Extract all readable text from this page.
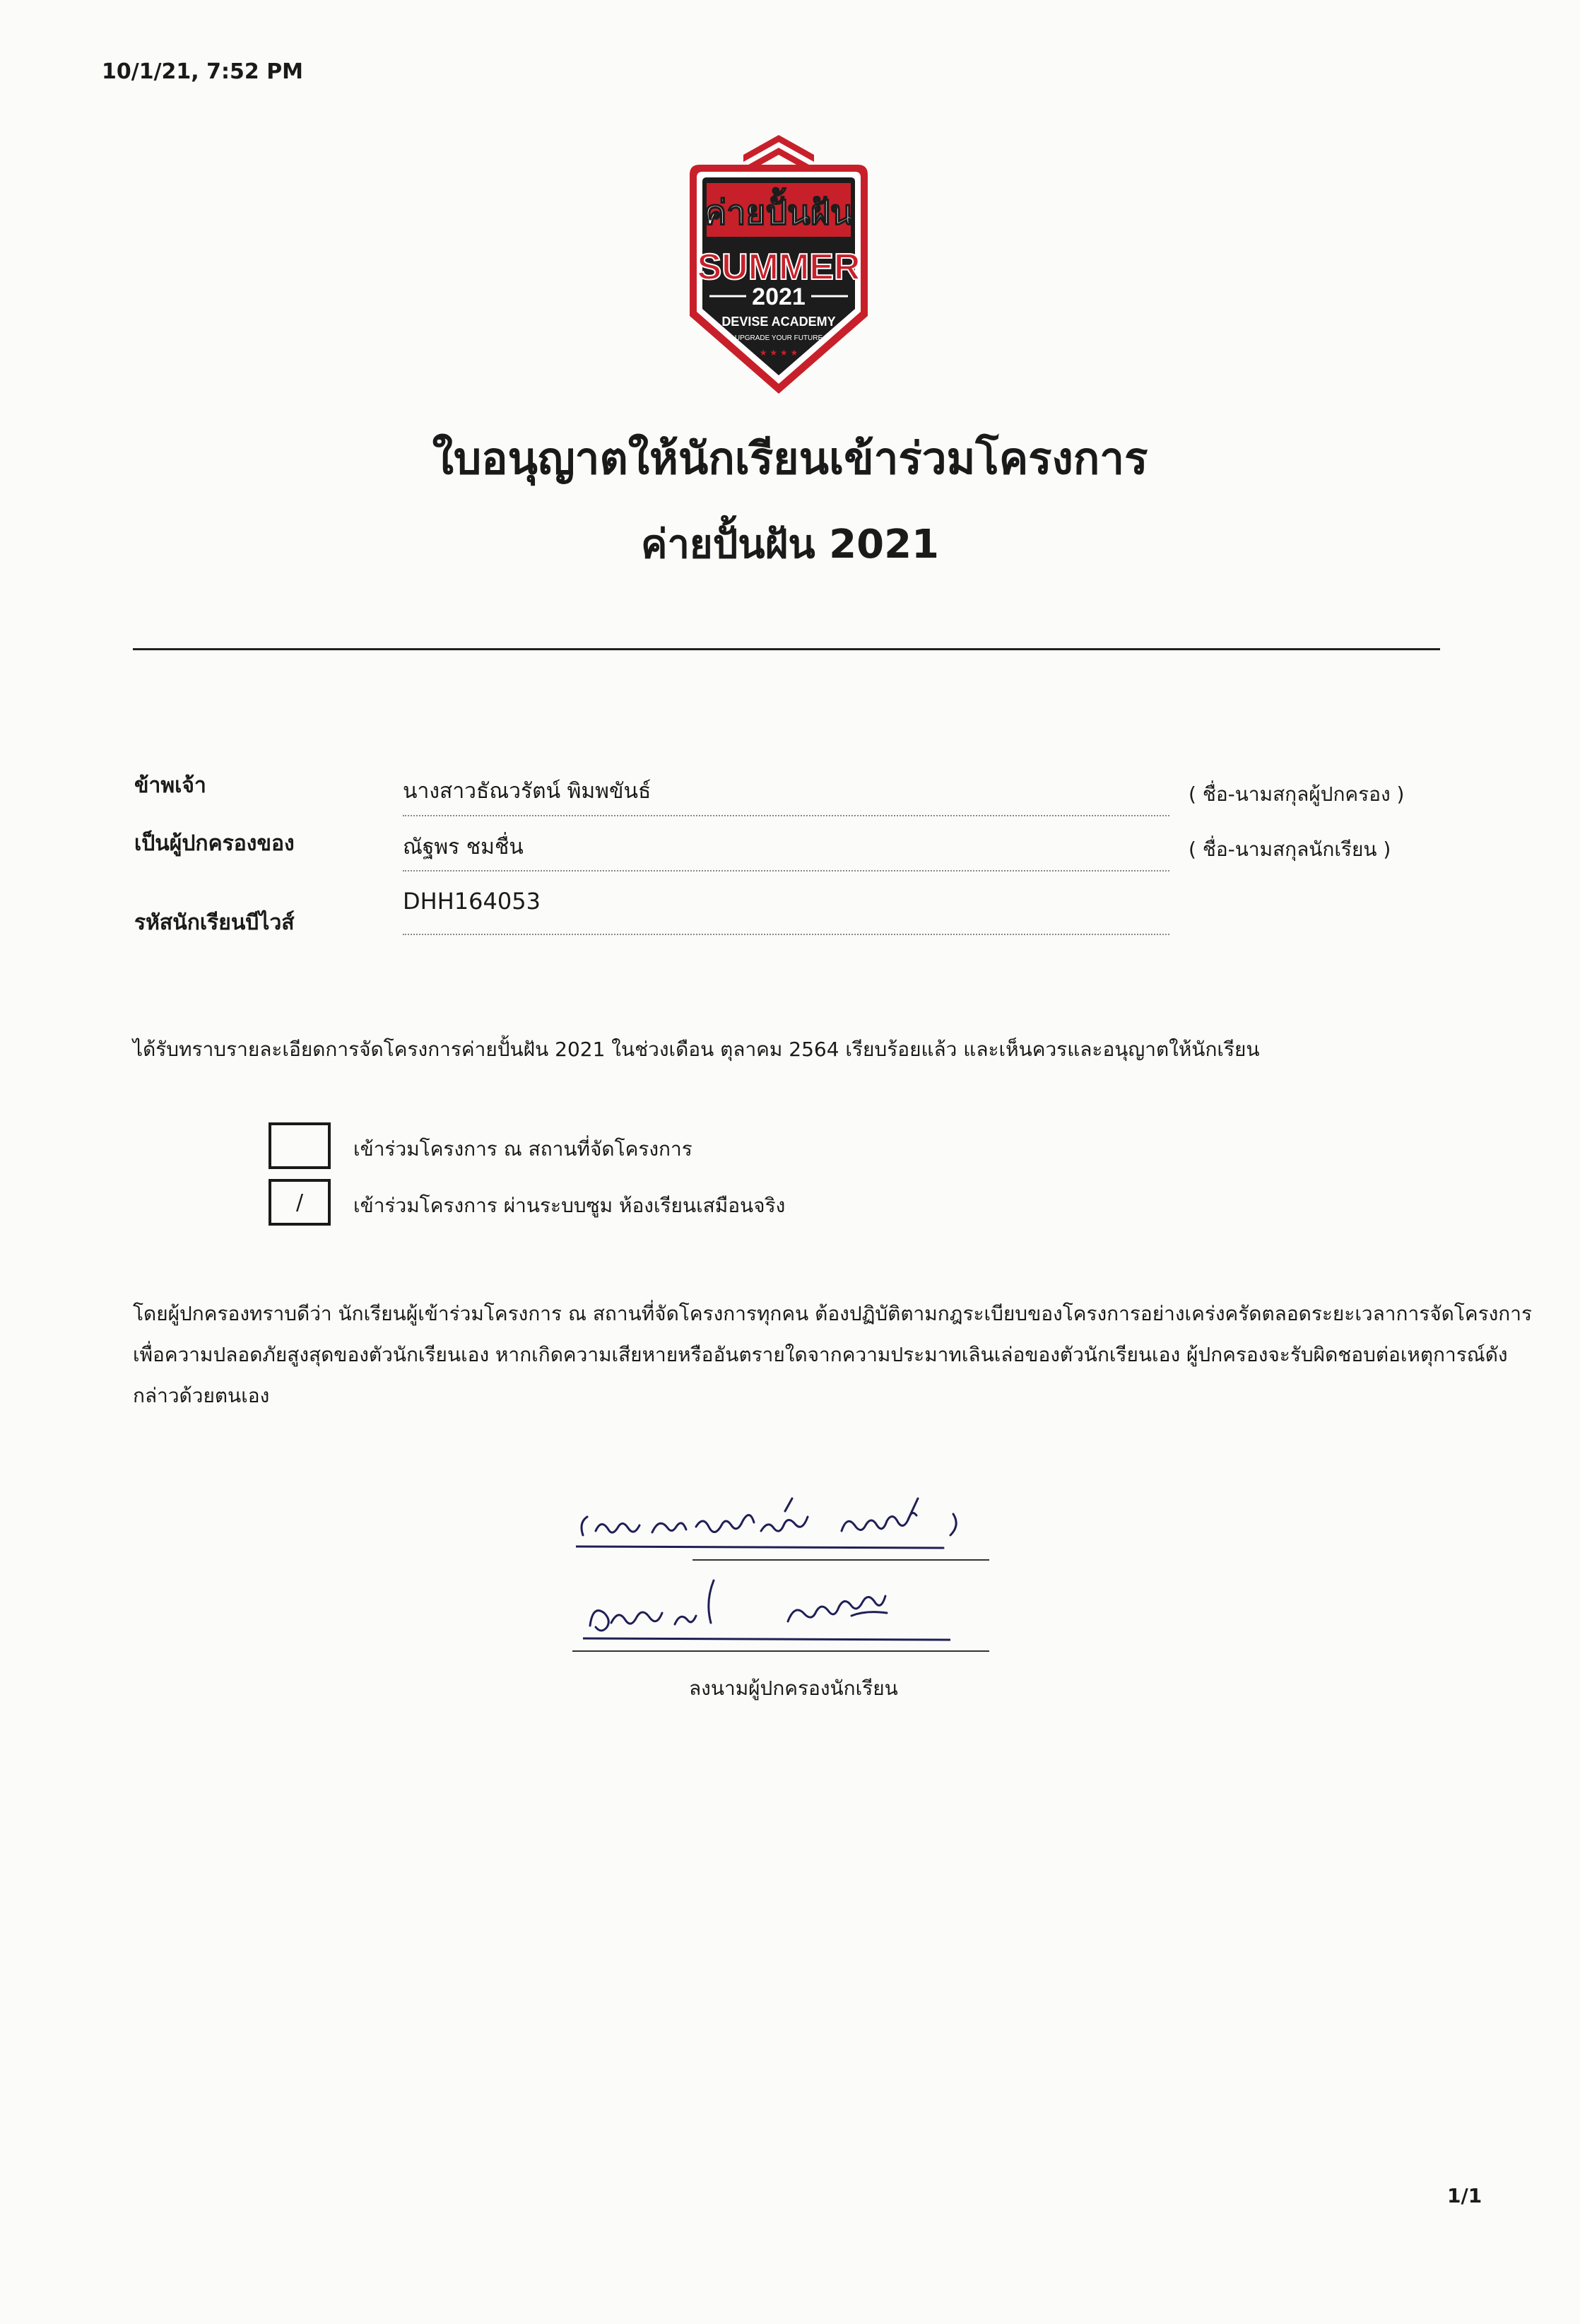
10/1/21, 7:52 PM
ค่ายปั้นฝัน
SUMMER
2021
DEVISE ACADEMY
UPGRADE YOUR FUTURE
★ ★ ★ ★
ใบอนุญาตให้นักเรียนเข้าร่วมโครงการ
ค่ายปั้นฝัน 2021
ข้าพเจ้า	นางสาวธัณวรัตน์ พิมพขันธ์	( ชื่อ-นามสกุลผู้ปกครอง )
เป็นผู้ปกครองของ	ณัฐพร ชมชื่น	( ชื่อ-นามสกุลนักเรียน )
รหัสนักเรียนบีไวส์
DHH164053
ได้รับทราบรายละเอียดการจัดโครงการค่ายปั้นฝัน 2021 ในช่วงเดือน ตุลาคม 2564 เรียบร้อยแล้ว และเห็นควรและอนุญาตให้นักเรียน
เข้าร่วมโครงการ ณ สถานที่จัดโครงการ
/	เข้าร่วมโครงการ ผ่านระบบซูม ห้องเรียนเสมือนจริง
โดยผู้ปกครองทราบดีว่า นักเรียนผู้เข้าร่วมโครงการ ณ สถานที่จัดโครงการทุกคน ต้องปฏิบัติตามกฎระเบียบของโครงการอย่างเคร่งครัดตลอดระยะเวลาการจัดโครงการ
เพื่อความปลอดภัยสูงสุดของตัวนักเรียนเอง หากเกิดความเสียหายหรืออันตรายใดจากความประมาทเลินเล่อของตัวนักเรียนเอง ผู้ปกครองจะรับผิดชอบต่อเหตุการณ์ดัง
กล่าวด้วยตนเอง
ลงนามผู้ปกครองนักเรียน
1/1
